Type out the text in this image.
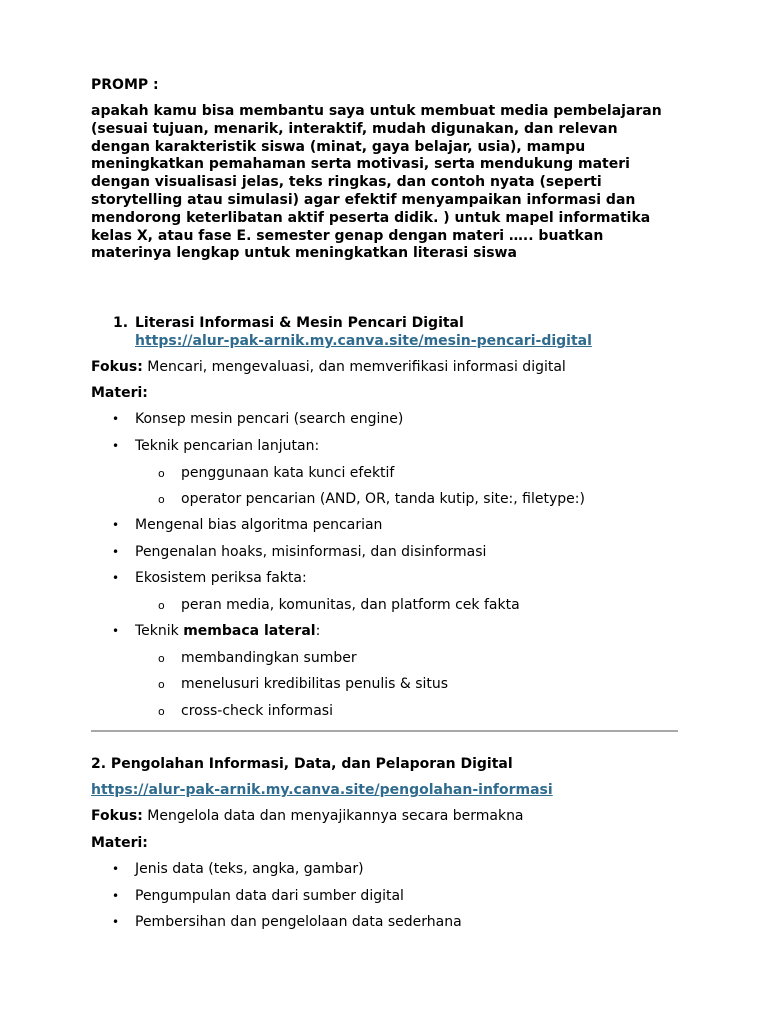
PROMP :
apakah kamu bisa membantu saya untuk membuat media pembelajaran (sesuai tujuan, menarik, interaktif, mudah digunakan, dan relevan dengan karakteristik siswa (minat, gaya belajar, usia), mampu meningkatkan pemahaman serta motivasi, serta mendukung materi dengan visualisasi jelas, teks ringkas, dan contoh nyata (seperti storytelling atau simulasi) agar efektif menyampaikan informasi dan mendorong keterlibatan aktif peserta didik. ) untuk mapel informatika kelas X, atau fase E. semester genap dengan materi ….. buatkan materinya lengkap untuk meningkatkan literasi siswa
1. Literasi Informasi & Mesin Pencari Digital
https://alur-pak-arnik.my.canva.site/mesin-pencari-digital
Fokus: Mencari, mengevaluasi, dan memverifikasi informasi digital
Materi:
• Konsep mesin pencari (search engine)
• Teknik pencarian lanjutan:
o penggunaan kata kunci efektif
o operator pencarian (AND, OR, tanda kutip, site:, filetype:)
• Mengenal bias algoritma pencarian
• Pengenalan hoaks, misinformasi, dan disinformasi
• Ekosistem periksa fakta:
o peran media, komunitas, dan platform cek fakta
• Teknik membaca lateral:
o membandingkan sumber
o menelusuri kredibilitas penulis & situs
o cross-check informasi
2. Pengolahan Informasi, Data, dan Pelaporan Digital
https://alur-pak-arnik.my.canva.site/pengolahan-informasi
Fokus: Mengelola data dan menyajikannya secara bermakna
Materi:
• Jenis data (teks, angka, gambar)
• Pengumpulan data dari sumber digital
• Pembersihan dan pengelolaan data sederhana
